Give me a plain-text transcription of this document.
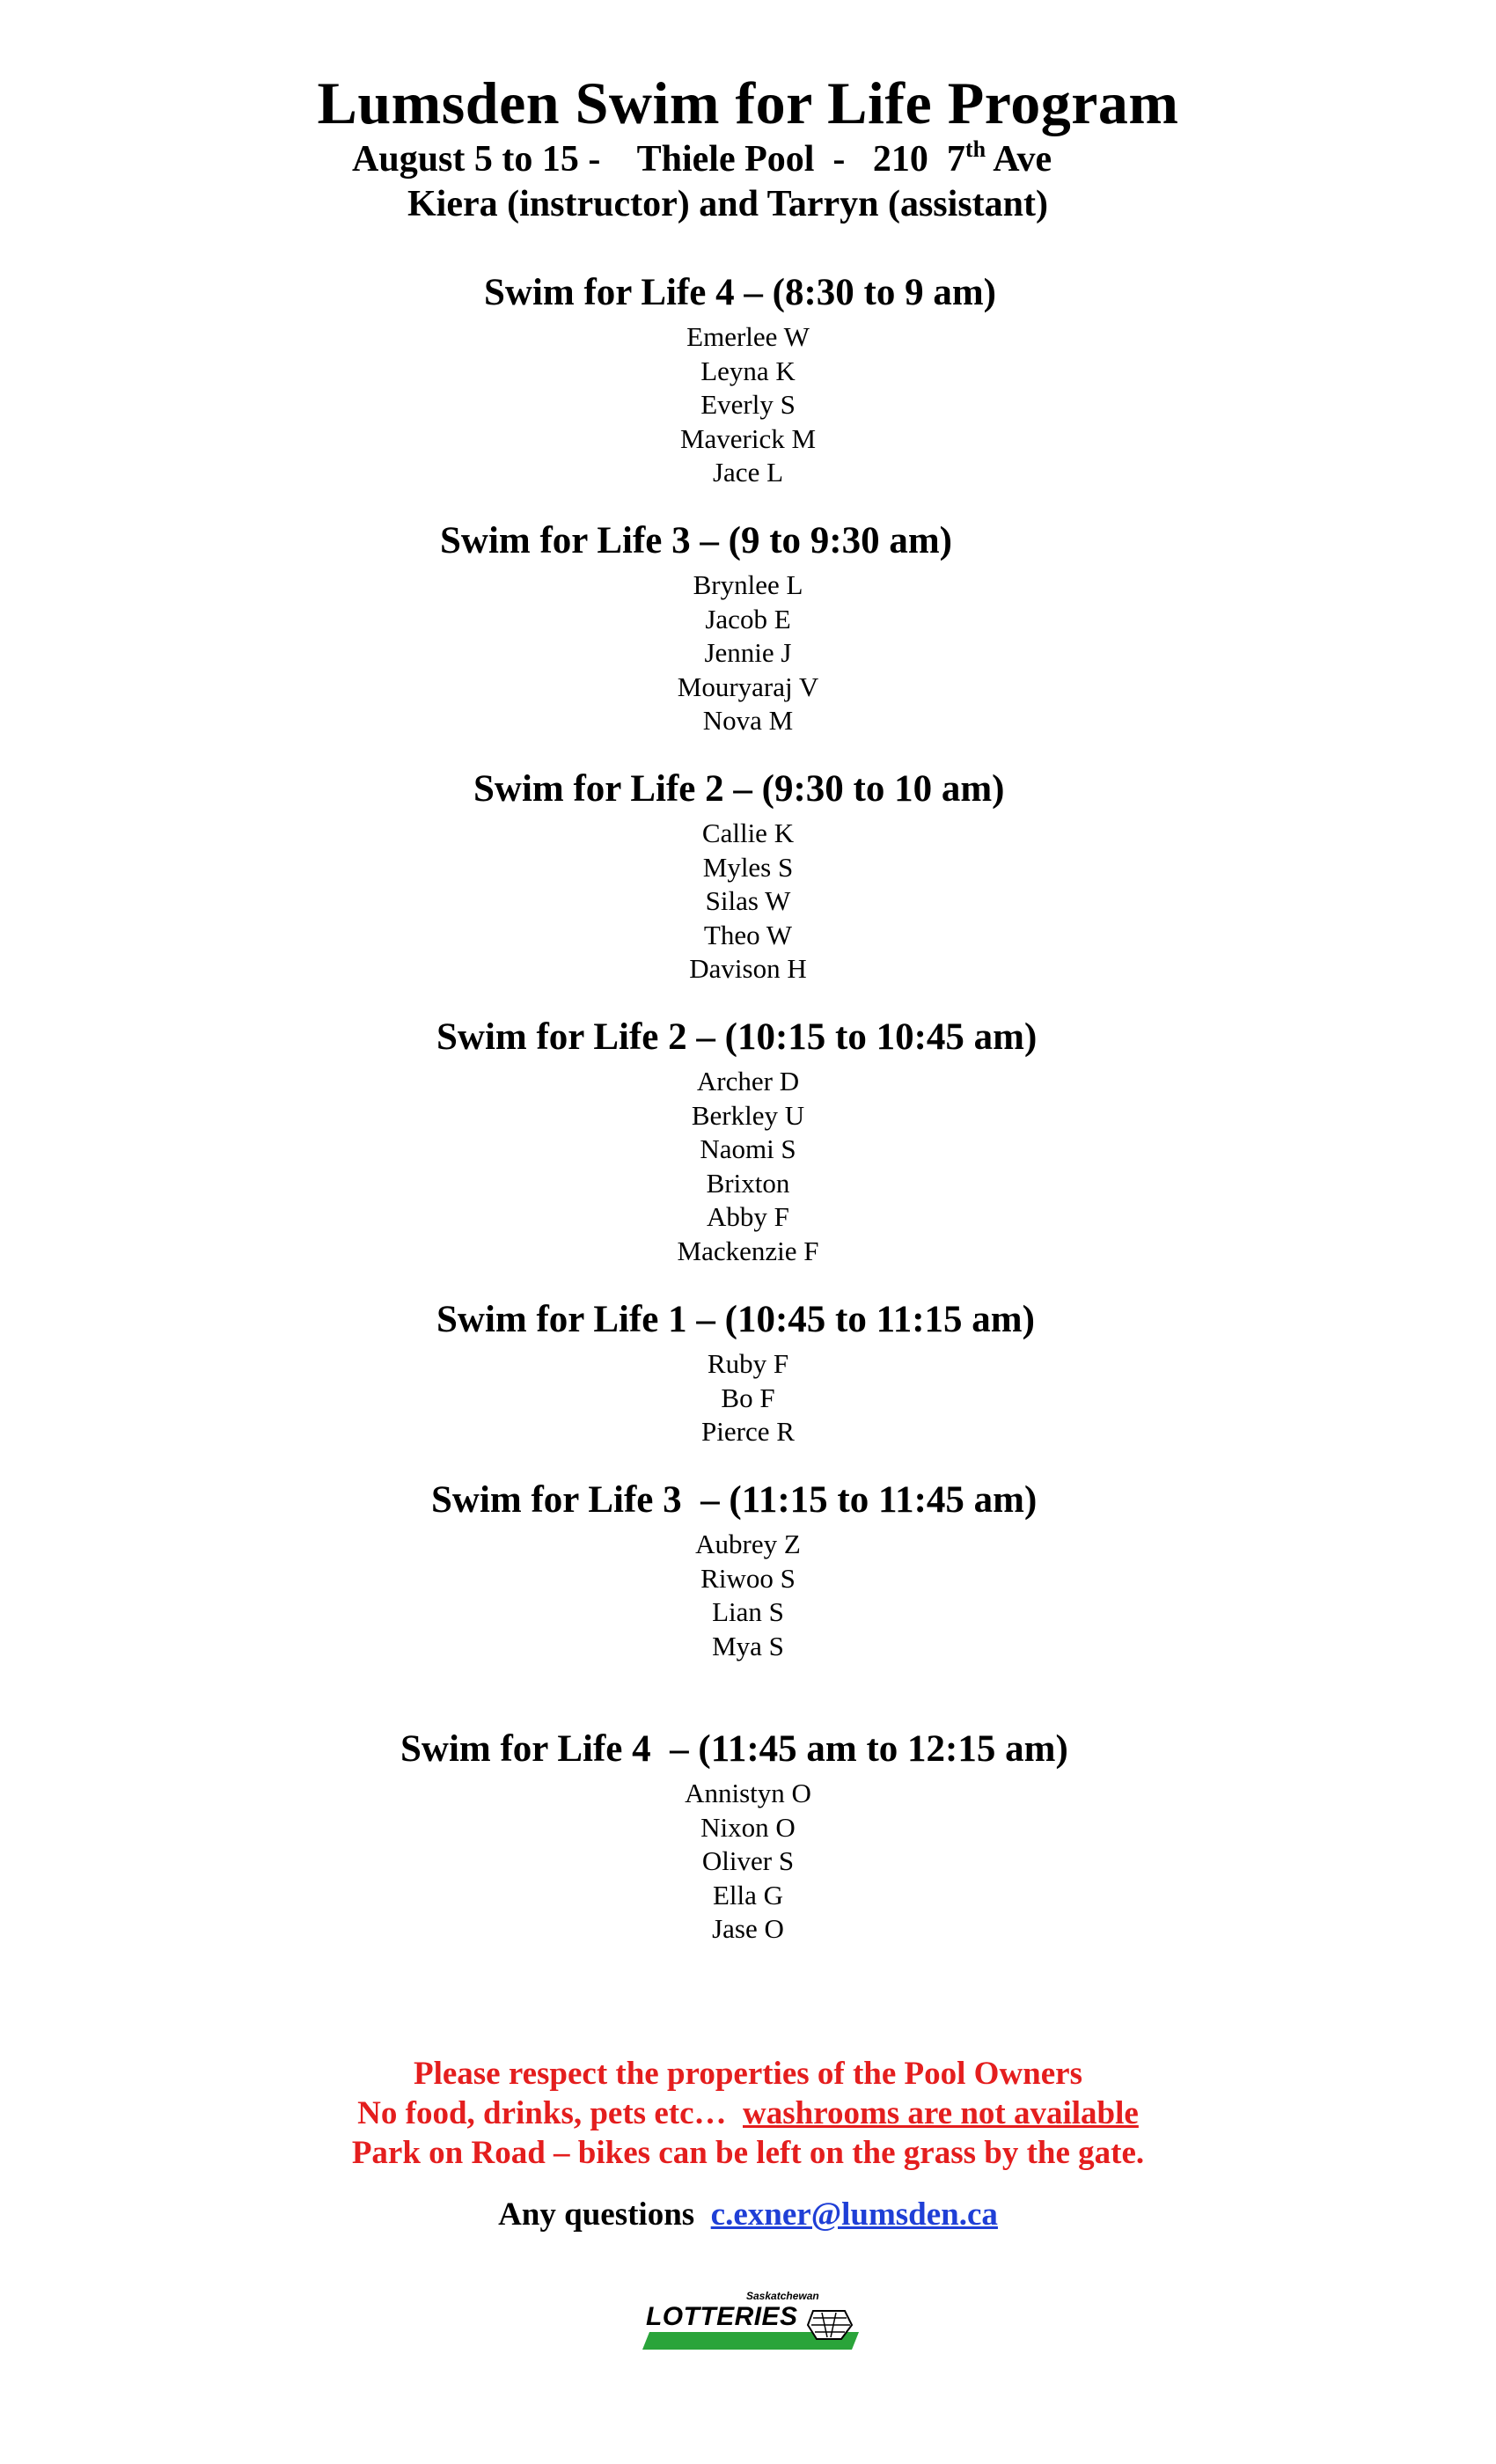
Lumsden Swim for Life Program
August 5 to 15 - Thiele Pool  -   210  7th Ave
Kiera (instructor) and Tarryn (assistant)
Swim for Life 4 – (8:30 to 9 am)
Emerlee W
Leyna K
Everly S
Maverick M
Jace L
Swim for Life 3 – (9 to 9:30 am)
Brynlee L
Jacob E
Jennie J
Mouryaraj V
Nova M
Swim for Life 2 – (9:30 to 10 am)
Callie K
Myles S
Silas W
Theo W
Davison H
Swim for Life 2 – (10:15 to 10:45 am)
Archer D
Berkley U
Naomi S
Brixton
Abby F
Mackenzie F
Swim for Life 1 – (10:45 to 11:15 am)
Ruby F
Bo F
Pierce R
Swim for Life 3  – (11:15 to 11:45 am)
Aubrey Z
Riwoo S
Lian S
Mya S
Swim for Life 4  – (11:45 am to 12:15 am)
Annistyn O
Nixon O
Oliver S
Ella G
Jase O
Please respect the properties of the Pool Owners
No food, drinks, pets etc…  washrooms are not available
Park on Road – bikes can be left on the grass by the gate.
Any questions  c.exner@lumsden.ca
Saskatchewan
LOTTERIES
